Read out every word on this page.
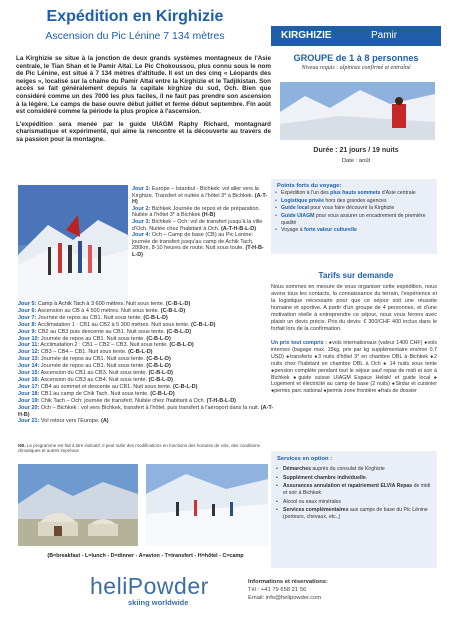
Expédition en Kirghizie
Ascension du Pic Lénine 7 134 mètres

La Kirghizie se situe à la jonction de deux grands systèmes montagneux de l'Asie centrale, le Tian Shan et le Pamir Altaï. Le Pic Chokoussou, plus connu sous le nom de Pic Lénine, est situé à 7 134 mètres d'altitude. Il est un des cinq « Léopards des neiges », localisé sur la chaîne du Pamir Altaï entre la Kirghizie et le Tadjikistan. Son accès se fait généralement depuis la capitale kirghize du sud, Och. Bien que considéré comme un des 7000 les plus faciles, il ne faut pas prendre son ascension à la légère. Le camps de base ouvre début juillet et ferme début septembre. Fin août est considéré comme la période la plus propice à l'ascension.

L'expédition sera menée par le guide UIAGM Raphy Richard, montagnard charismatique et expérimenté, qui aime la rencontre et la découverte au travers de sa passion pour la montagne.

Jour 1: Europe – Istanbul - Bichkek: vol aller vers la Kirghize. Transfert et nuitée à l'hôtel 3* à Bichkek. (A-T-H)
Jour 2: Bichkek Journée de repos et de préparation. Nuitée à l'hôtel 3* à Bichkek (H-B)
Jour 3: Bichkek – Och: vol de transfert jusqu'à la ville d'Och. Nuitée chez l'habitant à Och. (A-T-H-B-L-D)
Jour 4: Och – Camp de base (CB) au Pic Lenine: journée de transfert jusqu'au camp de Achik Tach, 280km, 8-10 heures de route. Nuit sous toute. (T-H-B-L-D)
Jour 5: Camp à Achik Tach à 3 600 mètres. Nuit sous tente. (C-B-L-D)
Jour 6: Ascension au CB à 4 500 mètres. Nuit sous tente. (C-B-L-D)
Jour 7: Journée de repos au CB1. Nuit sous tente. (C-B-L-D)
Jour 8: Acclimatation 1 : CB1 au CB2 à 5 300 mètres. Nuit sous tente. (C-B-L-D)
Jour 9: CB2 au CB3 puis descente au CB1. Nuit sous tente. (C-B-L-D)
Jour 10: Journée de repos au CB1. Nuit sous tente. (C-B-L-D)
Jour 11: Acclimatation 2 : CB1 – CB2 – CB3. Nuit sous tente. (C-B-L-D)
Jour 12: CB3 – CB4 – CB1. Nuit sous tente. (C-B-L-D)
Jour 13: Journée de repos au CB1. Nuit sous tente. (C-B-L-D)
Jour 14: Journée de repos au CB1. Nuit sous tente. (C-B-L-D)
Jour 15: Ascension du CB1 au CB3. Nuit sous tente. (C-B-L-D)
Jour 16: Ascension du CB3 au CB4. Nuit sous tente. (C-B-L-D)
Jour 17: CB4 au sommet et descente au CB1. Nuit sous tente. (C-B-L-D)
Jour 18: CB1 au camp de Chik Tach. Nuit sous tente. (C-B-L-D)
Jour 19: Chik Tach – Och: journée de transfert. Nuitée chez l'habitant à Och. (T-H-B-L-D)
Jour 20: Och – Bichkek : vol vers Bichkek, transfert à l'hôtel, puis transfert à l'aéroport dans la nuit. (A-T-H-B)
Jour 21: Vol retour vers l'Europe. (A)
NB. Le programme est fait à titre indicatif. Il peut subir des modifications en fonctions des horaires de vols, des conditions climatiques et autres imprévus
(B=breakfast - L=lunch - D=dinner - A=avion - T=transfert - H=hôtel - C=camp
heliPowder
skiing worldwide
Informations et réservations:
Tél : +41 79 658 21 56
Email: info@helipowder.com
KIRGHIZIE	Pamir
GROUPE de 1 à 8 personnes
Niveau requis : alpiniste confirmé et entraîné
Durée : 21 jours / 19 nuits
Date : août
Points forts du voyage:
• Expédition à l'un des plus hauts sommets d'Asie centrale
• Logistique privée hors des grandes agences
• Guide local pour vous faire découvrir la Kirghizie
• Guide UIAGM pour vous assurer un encadrement de première qualité
• Voyage à forte valeur culturelle
Tarifs sur demande
Nous sommes en mesure de vous organiser cette expédition, nous avons tous les contacts, la connaissance du terrain, l'expérience et la logistique nécessaire pour que ce séjour soit une réussite humaine et sportive. A partir d'un groupe de 4 personnes, et d'une motivation réelle à entreprendre ce séjour, nous vous ferons avec plaisir un devis précis. Prix du devis: € 300/CHF 400 inclus dans le forfait lors de la confirmation.
Un prix tout compris : ●vols internationaux (valeur 1400 CHF) ●vols internes (bagage max. 15kg, prix par kg supplémentaire environ 0.7 USD) ●transferts ●3 nuits d'hôtel 3* en chambre DBL à Bichkek ●2 nuits chez l'habitant en chambre DBL à Och ● 14 nuits sous tente ●pension complète pendant tout le séjour sauf repas de midi et soir à Bichkek ●guide suisse UIAGM Espace Helisk! et guide local ● Logement et électricité au camp de base (2 nuits) ●Sirdar et cuisinier ●permis parc national ●permis zone frontière ●frais de dossier
Services en option :
• Démarches auprès du consulat de Kirghizie
• Supplément chambre individuelle.
• Assurances annulation et rapatriement ELVIA Repas de midi et soir à Bichkek
• Alcool ou eaux minérales
• Services complémentaires aux camps de base du Pic Lénine (porteurs, chevaux, etc.,)
